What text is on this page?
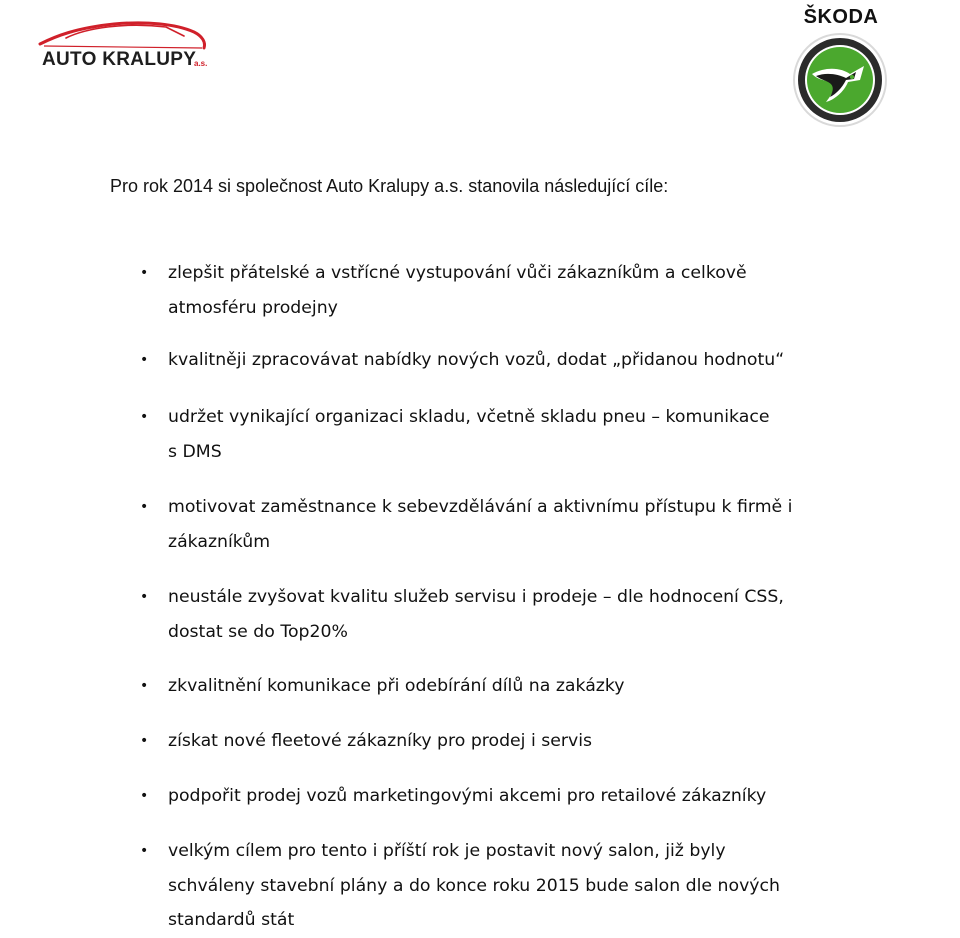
AUTO KRALUPY
a.s.
ŠKODA
Pro rok 2014 si společnost Auto Kralupy a.s. stanovila následující cíle:
•	zlepšit přátelské a vstřícné vystupování vůči zákazníkům a celkově
atmosféru prodejny
•	kvalitněji zpracovávat nabídky nových vozů, dodat „přidanou hodnotu“
•	udržet vynikající organizaci skladu, včetně skladu pneu – komunikace
s DMS
•	motivovat zaměstnance k sebevzdělávání a aktivnímu přístupu k firmě i
zákazníkům
•	neustále zvyšovat kvalitu služeb servisu i prodeje – dle hodnocení CSS,
dostat se do Top20%
•	zkvalitnění komunikace při odebírání dílů na zakázky
•	získat nové fleetové zákazníky pro prodej i servis
•	podpořit prodej vozů marketingovými akcemi pro retailové zákazníky
•	velkým cílem pro tento i příští rok je postavit nový salon, již byly
schváleny stavební plány a do konce roku 2015 bude salon dle nových
standardů stát
